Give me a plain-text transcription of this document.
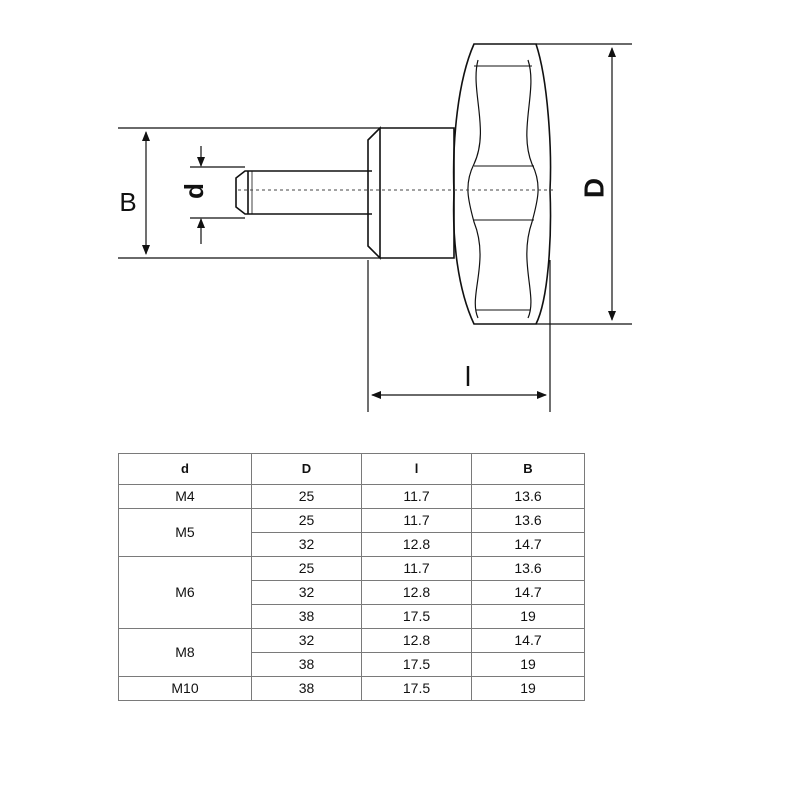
B d	D
l
d	D	l	B
M4	25	11.7	13.6
M5	25	11.7	13.6
	32	12.8	14.7
M6	25	11.7	13.6
	32	12.8	14.7
	38	17.5	19
M8	32	12.8	14.7
	38	17.5	19
M10	38	17.5	19
